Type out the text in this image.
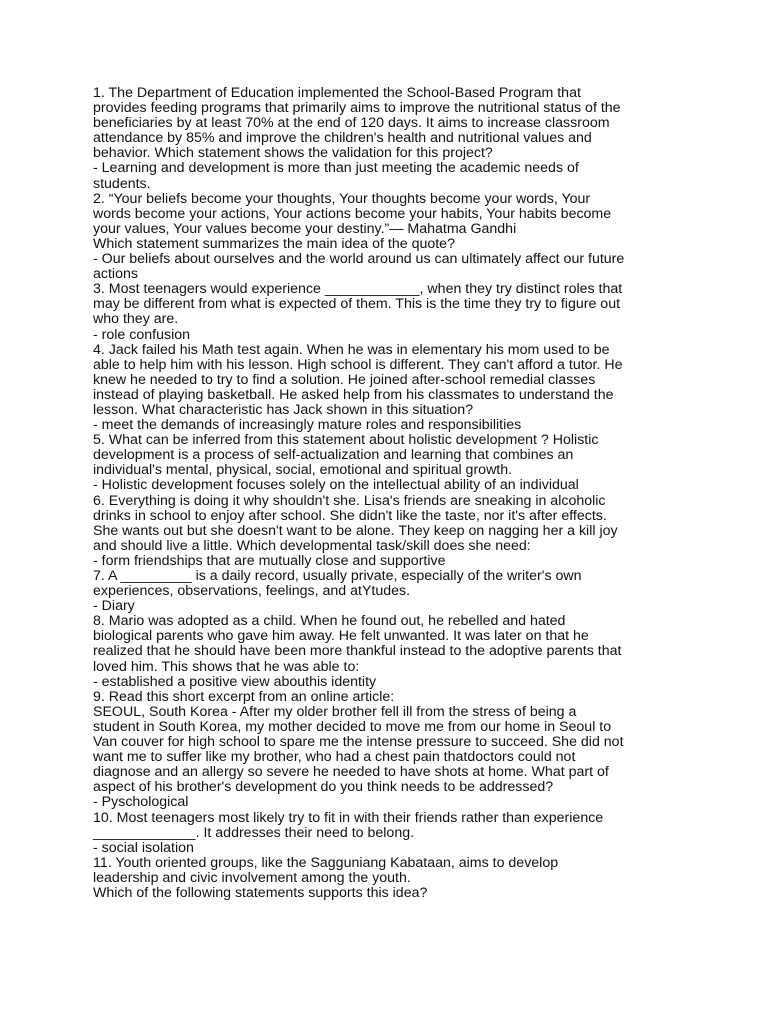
1. The Department of Education implemented the School-Based Program that
provides feeding programs that primarily aims to improve the nutritional status of the
beneficiaries by at least 70% at the end of 120 days. It aims to increase classroom
attendance by 85% and improve the children's health and nutritional values and
behavior. Which statement shows the validation for this project?
- Learning and development is more than just meeting the academic needs of
students.
2. “Your beliefs become your thoughts, Your thoughts become your words, Your
words become your actions, Your actions become your habits, Your habits become
your values, Your values become your destiny.”— Mahatma Gandhi
Which statement summarizes the main idea of the quote?
- Our beliefs about ourselves and the world around us can ultimately affect our future
actions
3. Most teenagers would experience ____________, when they try distinct roles that
may be different from what is expected of them. This is the time they try to figure out
who they are.
- role confusion
4. Jack failed his Math test again. When he was in elementary his mom used to be
able to help him with his lesson. High school is different. They can't afford a tutor. He
knew he needed to try to find a solution. He joined after-school remedial classes
instead of playing basketball. He asked help from his classmates to understand the
lesson. What characteristic has Jack shown in this situation?
- meet the demands of increasingly mature roles and responsibilities
5. What can be inferred from this statement about holistic development ? Holistic
development is a process of self-actualization and learning that combines an
individual's mental, physical, social, emotional and spiritual growth.
- Holistic development focuses solely on the intellectual ability of an individual
6. Everything is doing it why shouldn't she. Lisa's friends are sneaking in alcoholic
drinks in school to enjoy after school. She didn't like the taste, nor it's after effects.
She wants out but she doesn't want to be alone. They keep on nagging her a kill joy
and should live a little. Which developmental task/skill does she need:
- form friendships that are mutually close and supportive
7. A _________ is a daily record, usually private, especially of the writer's own
experiences, observations, feelings, and atYtudes.
- Diary
8. Mario was adopted as a child. When he found out, he rebelled and hated
biological parents who gave him away. He felt unwanted. It was later on that he
realized that he should have been more thankful instead to the adoptive parents that
loved him. This shows that he was able to:
- established a positive view abouthis identity
9. Read this short excerpt from an online article:
SEOUL, South Korea - After my older brother fell ill from the stress of being a
student in South Korea, my mother decided to move me from our home in Seoul to
Van couver for high school to spare me the intense pressure to succeed. She did not
want me to suffer like my brother, who had a chest pain thatdoctors could not
diagnose and an allergy so severe he needed to have shots at home. What part of
aspect of his brother's development do you think needs to be addressed?
- Pyschological
10. Most teenagers most likely try to fit in with their friends rather than experience
_____________. It addresses their need to belong.
- social isolation
11. Youth oriented groups, like the Sagguniang Kabataan, aims to develop
leadership and civic involvement among the youth.
Which of the following statements supports this idea?
